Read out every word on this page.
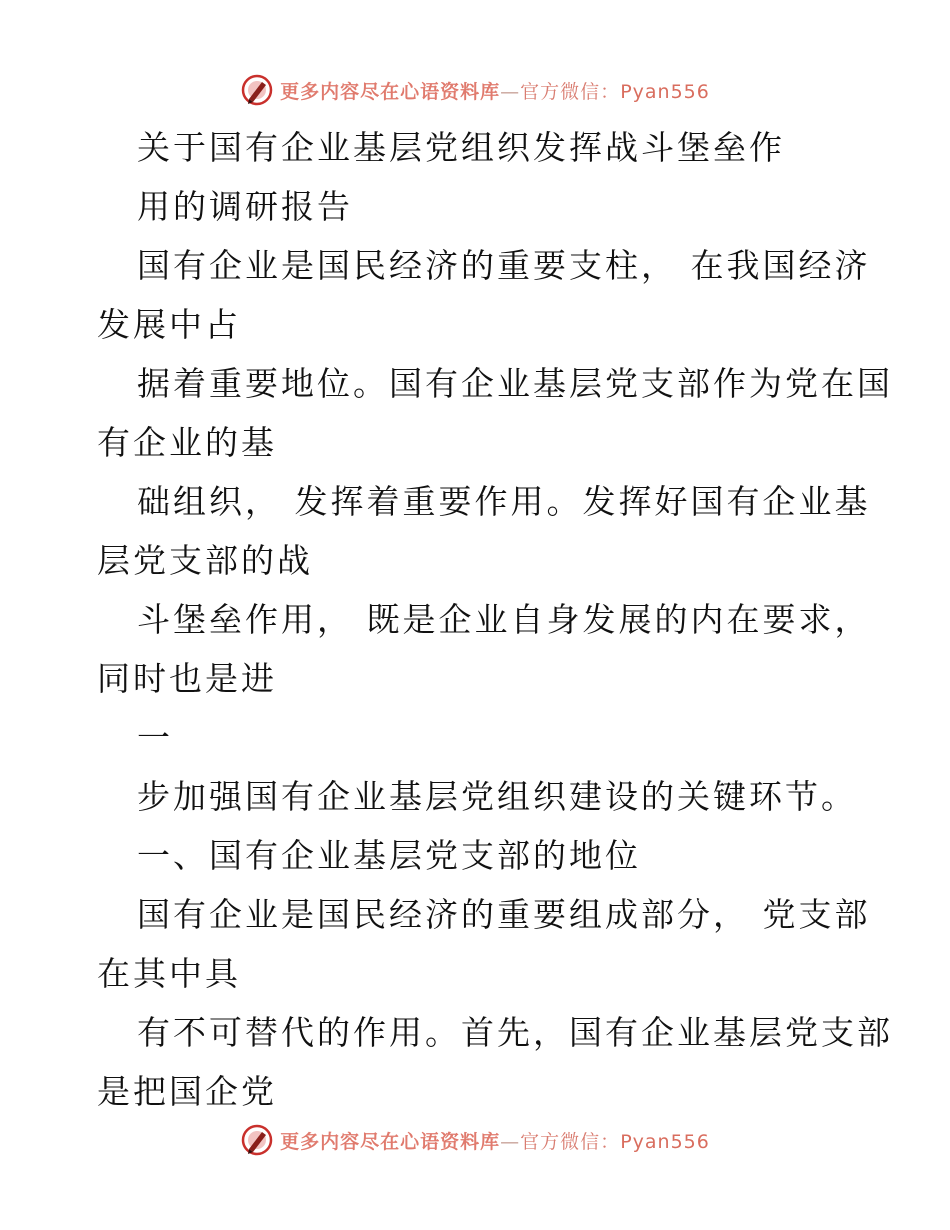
更多内容尽在心语资料库—官方微信：Pyan556
关于国有企业基层党组织发挥战斗堡垒作
用的调研报告
国有企业是国民经济的重要支柱， 在我国经济
发展中占
据着重要地位。国有企业基层党支部作为党在国
有企业的基
础组织， 发挥着重要作用。发挥好国有企业基
层党支部的战
斗堡垒作用， 既是企业自身发展的内在要求，
同时也是进
一
步加强国有企业基层党组织建设的关键环节。
一、国有企业基层党支部的地位
国有企业是国民经济的重要组成部分， 党支部
在其中具
有不可替代的作用。首先，国有企业基层党支部
是把国企党
更多内容尽在心语资料库—官方微信：Pyan556
